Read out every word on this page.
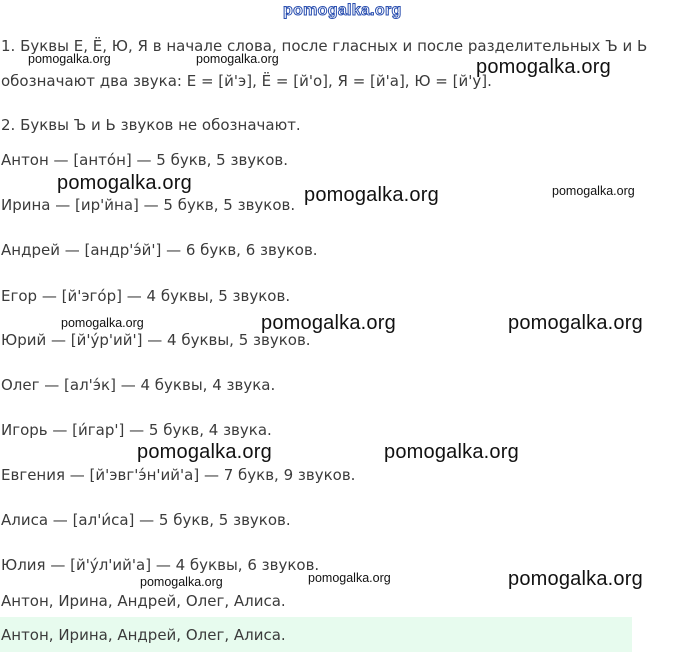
pomogalka.org
1. Буквы Е, Ё, Ю, Я в начале слова, после гласных и после разделительных Ъ и Ь
обозначают два звука: Е = [й'э], Ё = [й'о], Я = [й'а], Ю = [й'у].
2. Буквы Ъ и Ь звуков не обозначают.
Антон — [антóн] — 5 букв, 5 звуков.
Ирина — [ир'йна] — 5 букв, 5 звуков.
Андрей — [андр'э́й'] — 6 букв, 6 звуков.
Егор — [й'эго́р] — 4 буквы, 5 звуков.
Юрий — [й'у́р'ий'] — 4 буквы, 5 звуков.
Олег — [ал'э́к] — 4 буквы, 4 звука.
Игорь — [и́гар'] — 5 букв, 4 звука.
Евгения — [й'эвг'э́н'ий'а] — 7 букв, 9 звуков.
Алиса — [ал'и́са] — 5 букв, 5 звуков.
Юлия — [й'у́л'ий'а] — 4 буквы, 6 звуков.
Антон, Ирина, Андрей, Олег, Алиса.
Антон, Ирина, Андрей, Олег, Алиса.
pomogalka.org	pomogalka.org	pomogalka.org
pomogalka.org
pomogalka.org	pomogalka.org
pomogalka.org	pomogalka.org	pomogalka.org
pomogalka.org	pomogalka.org
pomogalka.org	pomogalka.org	pomogalka.org
